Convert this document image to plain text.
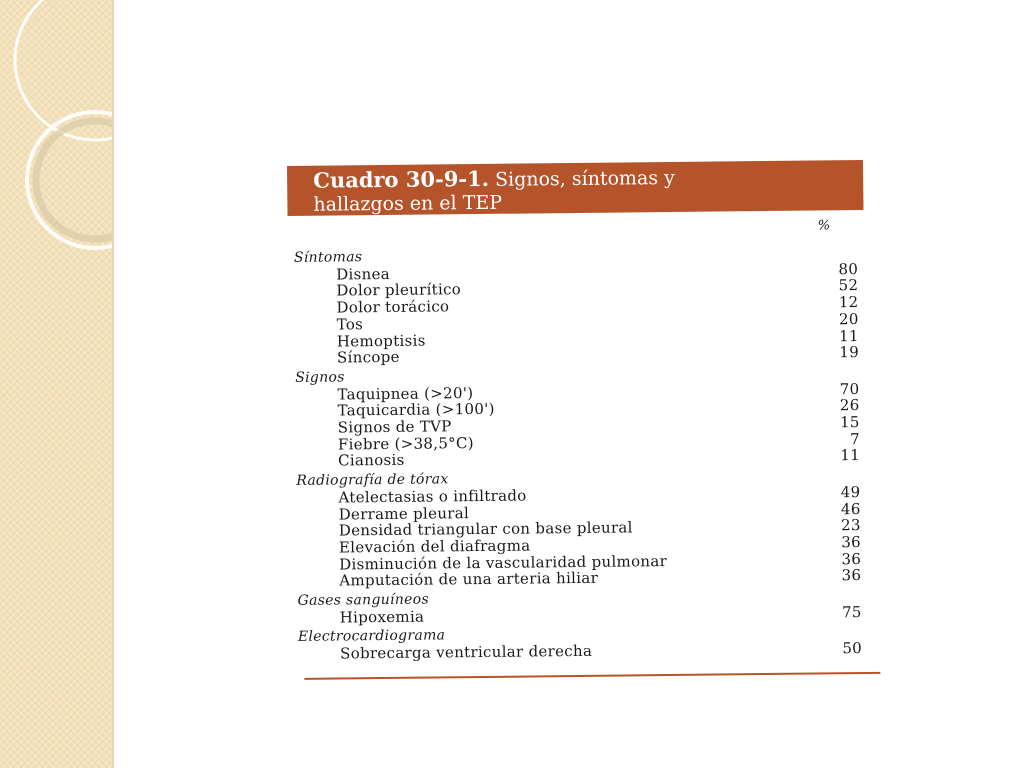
Cuadro 30-9-1. Signos, síntomas y
hallazgos en el TEP
%
Síntomas
Disnea	80
Dolor pleurítico	52
Dolor torácico	12
Tos	20
Hemoptisis	11
Síncope	19
Signos
Taquipnea (>20')	70
Taquicardia (>100')	26
Signos de TVP	15
Fiebre (>38,5°C)	7
Cianosis	11
Radiografía de tórax
Atelectasias o infiltrado	49
Derrame pleural	46
Densidad triangular con base pleural	23
Elevación del diafragma	36
Disminución de la vascularidad pulmonar	36
Amputación de una arteria hiliar	36
Gases sanguíneos
Hipoxemia	75
Electrocardiograma
Sobrecarga ventricular derecha	50
